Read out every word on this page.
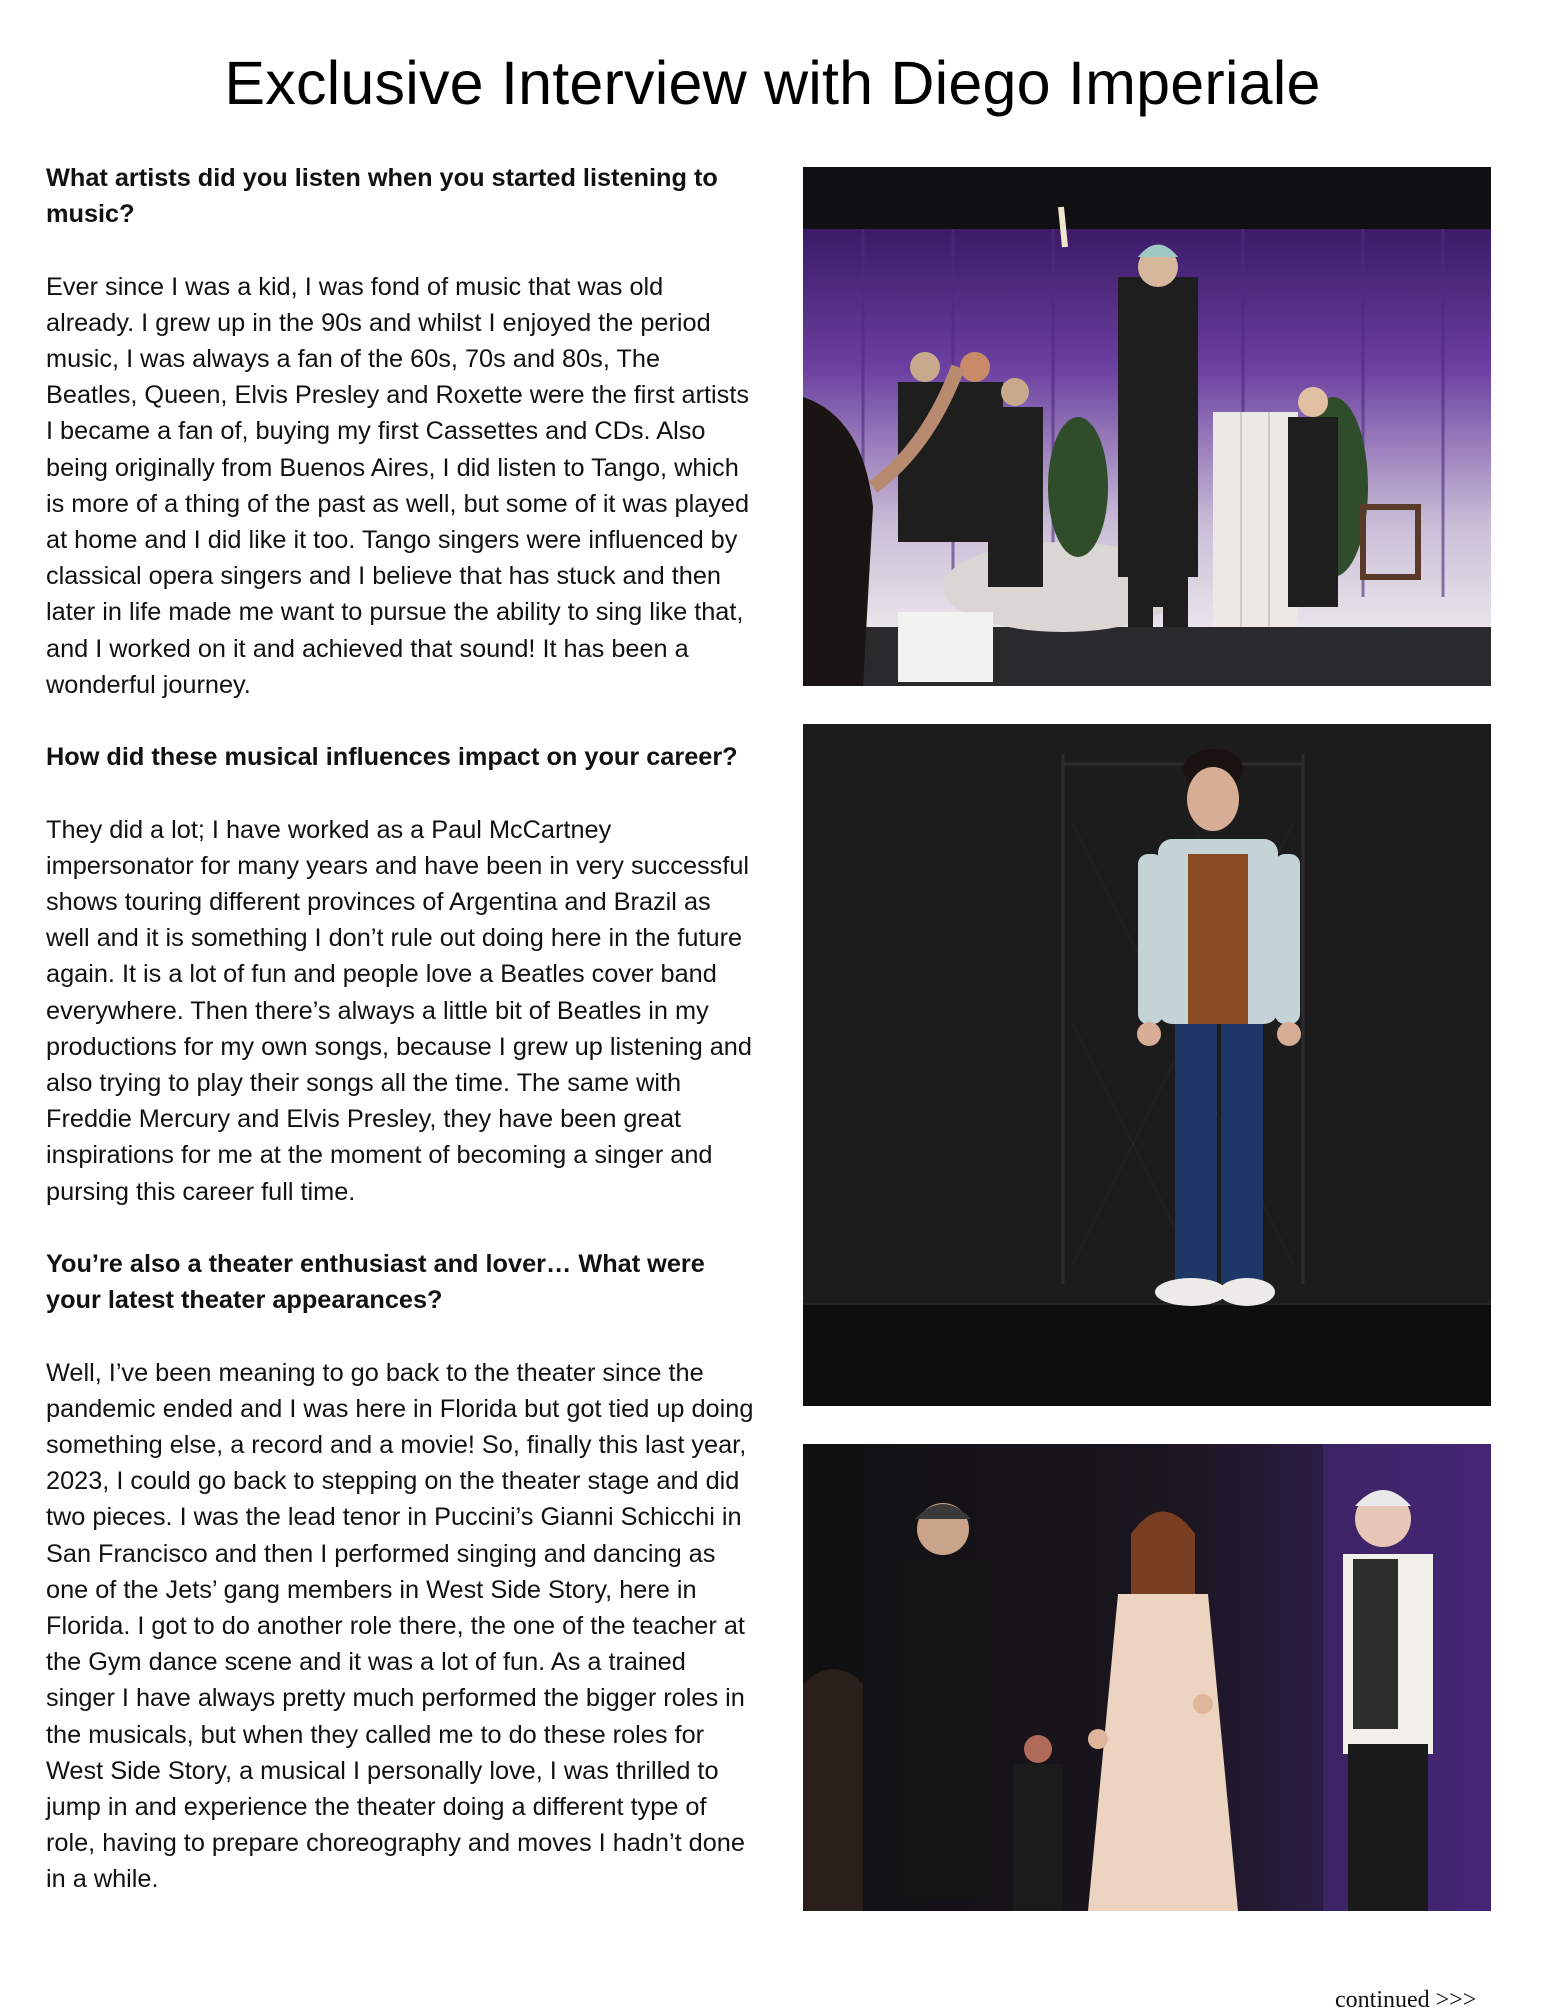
Exclusive Interview with Diego Imperiale

What artists did you listen when you started listening to music?

Ever since I was a kid, I was fond of music that was old already. I grew up in the 90s and whilst I enjoyed the period music, I was always a fan of the 60s, 70s and 80s, The Beatles, Queen, Elvis Presley and Roxette were the first artists I became a fan of, buying my first Cassettes and CDs. Also being originally from Buenos Aires, I did listen to Tango, which is more of a thing of the past as well, but some of it was played at home and I did like it too. Tango singers were influenced by classical opera singers and I believe that has stuck and then later in life made me want to pursue the ability to sing like that, and I worked on it and achieved that sound! It has been a wonderful journey.

How did these musical influences impact on your career?

They did a lot; I have worked as a Paul McCartney impersonator for many years and have been in very successful shows touring different provinces of Argentina and Brazil as well and it is something I don’t rule out doing here in the future again. It is a lot of fun and people love a Beatles cover band everywhere. Then there’s always a little bit of Beatles in my productions for my own songs, because I grew up listening and also trying to play their songs all the time. The same with Freddie Mercury and Elvis Presley, they have been great inspirations for me at the moment of becoming a singer and pursing this career full time.

You’re also a theater enthusiast and lover… What were your latest theater appearances?

Well, I’ve been meaning to go back to the theater since the pandemic ended and I was here in Florida but got tied up doing something else, a record and a movie! So, finally this last year, 2023, I could go back to stepping on the theater stage and did two pieces. I was the lead tenor in Puccini’s Gianni Schicchi in San Francisco and then I performed singing and dancing as one of the Jets’ gang members in West Side Story, here in Florida. I got to do another role there, the one of the teacher at the Gym dance scene and it was a lot of fun. As a trained singer I have always pretty much performed the bigger roles in the musicals, but when they called me to do these roles for West Side Story, a musical I personally love, I was thrilled to jump in and experience the theater doing a different type of role, having to prepare choreography and moves I hadn’t done in a while.

continued >>>
